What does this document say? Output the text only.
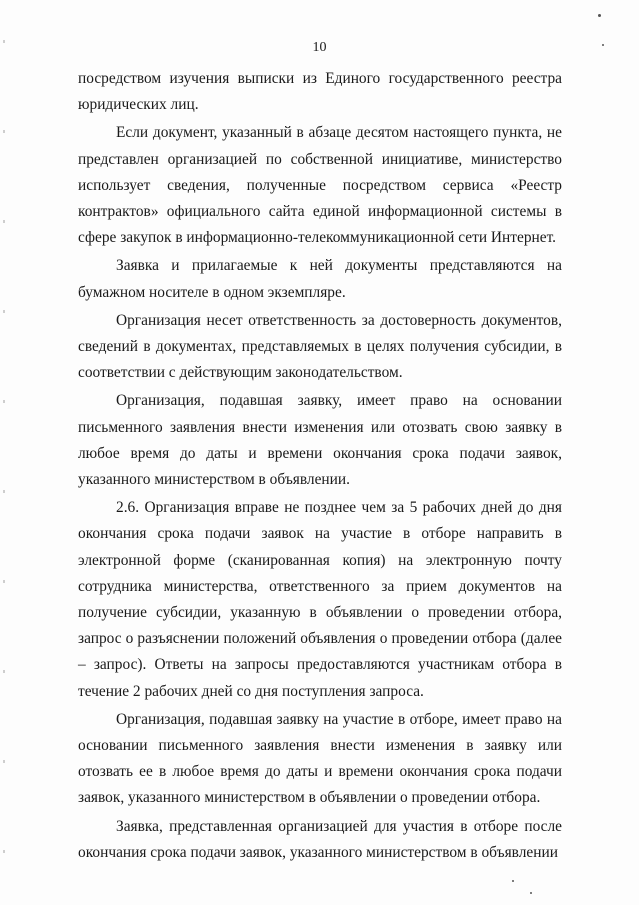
10

посредством изучения выписки из Единого государственного реестра юридических лиц.

Если документ, указанный в абзаце десятом настоящего пункта, не представлен организацией по собственной инициативе, министерство использует сведения, полученные посредством сервиса «Реестр контрактов» официального сайта единой информационной системы в сфере закупок в информационно-телекоммуникационной сети Интернет.

Заявка и прилагаемые к ней документы представляются на бумажном носителе в одном экземпляре.

Организация несет ответственность за достоверность документов, сведений в документах, представляемых в целях получения субсидии, в соответствии с действующим законодательством.

Организация, подавшая заявку, имеет право на основании письменного заявления внести изменения или отозвать свою заявку в любое время до даты и времени окончания срока подачи заявок, указанного министерством в объявлении.

2.6. Организация вправе не позднее чем за 5 рабочих дней до дня окончания срока подачи заявок на участие в отборе направить в электронной форме (сканированная копия) на электронную почту сотрудника министерства, ответственного за прием документов на получение субсидии, указанную в объявлении о проведении отбора, запрос о разъяснении положений объявления о проведении отбора (далее – запрос). Ответы на запросы предоставляются участникам отбора в течение 2 рабочих дней со дня поступления запроса.

Организация, подавшая заявку на участие в отборе, имеет право на основании письменного заявления внести изменения в заявку или отозвать ее в любое время до даты и времени окончания срока подачи заявок, указанного министерством в объявлении о проведении отбора.

Заявка, представленная организацией для участия в отборе после окончания срока подачи заявок, указанного министерством в объявлении
